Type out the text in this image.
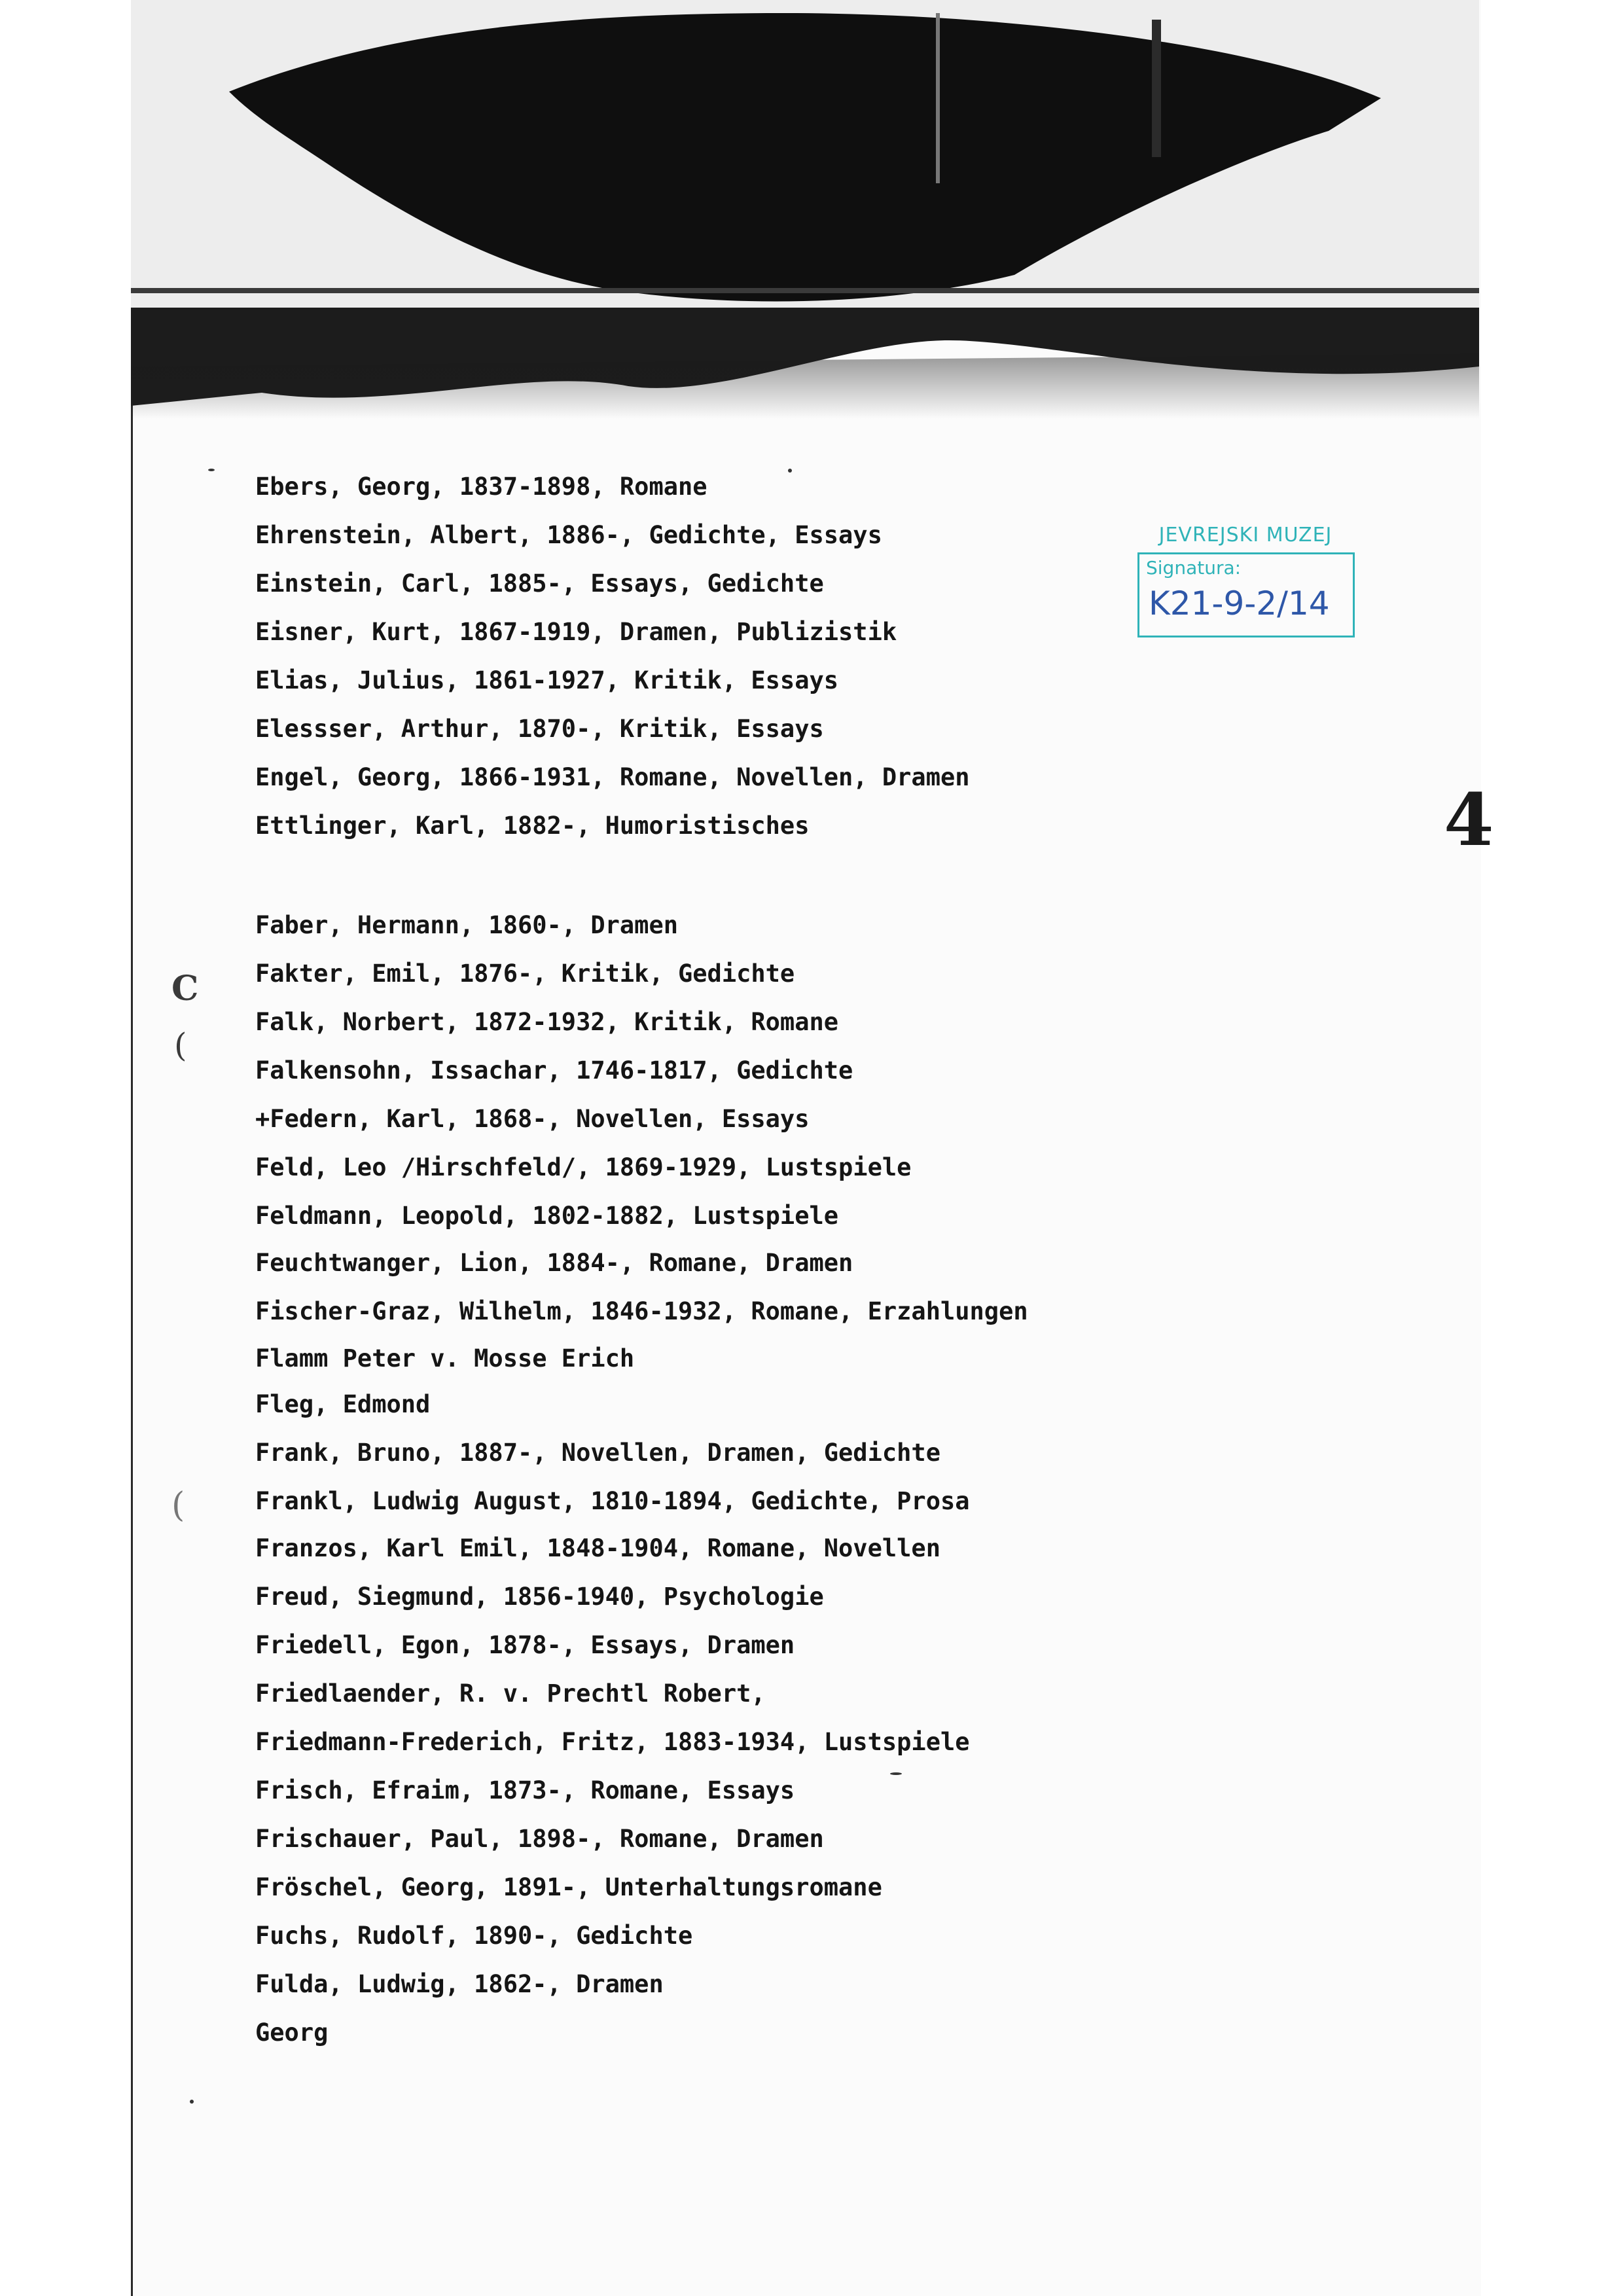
JEVREJSKI MUZEJ
Signatura:
K21-9-2/14
Ebers, Georg, 1837-1898, Romane
Ehrenstein, Albert, 1886-, Gedichte, Essays
Einstein, Carl, 1885-, Essays, Gedichte
Eisner, Kurt, 1867-1919, Dramen, Publizistik
Elias, Julius, 1861-1927, Kritik, Essays
Elessser, Arthur, 1870-, Kritik, Essays
Engel, Georg, 1866-1931, Romane, Novellen, Dramen
Ettlinger, Karl, 1882-, Humoristisches
Faber, Hermann, 1860-, Dramen
Fakter, Emil, 1876-, Kritik, Gedichte
Falk, Norbert, 1872-1932, Kritik, Romane
Falkensohn, Issachar, 1746-1817, Gedichte
+Federn, Karl, 1868-, Novellen, Essays
Feld, Leo /Hirschfeld/, 1869-1929, Lustspiele
Feldmann, Leopold, 1802-1882, Lustspiele
Feuchtwanger, Lion, 1884-, Romane, Dramen
Fischer-Graz, Wilhelm, 1846-1932, Romane, Erzahlungen
Flamm Peter v. Mosse Erich
Fleg, Edmond
Frank, Bruno, 1887-, Novellen, Dramen, Gedichte
Frankl, Ludwig August, 1810-1894, Gedichte, Prosa
Franzos, Karl Emil, 1848-1904, Romane, Novellen
Freud, Siegmund, 1856-1940, Psychologie
Friedell, Egon, 1878-, Essays, Dramen
Friedlaender, R. v. Prechtl Robert,
Friedmann-Frederich, Fritz, 1883-1934, Lustspiele
Frisch, Efraim, 1873-, Romane, Essays
Frischauer, Paul, 1898-, Romane, Dramen
Fröschel, Georg, 1891-, Unterhaltungsromane
Fuchs, Rudolf, 1890-, Gedichte
Fulda, Ludwig, 1862-, Dramen
Georg
C
(
(
4
